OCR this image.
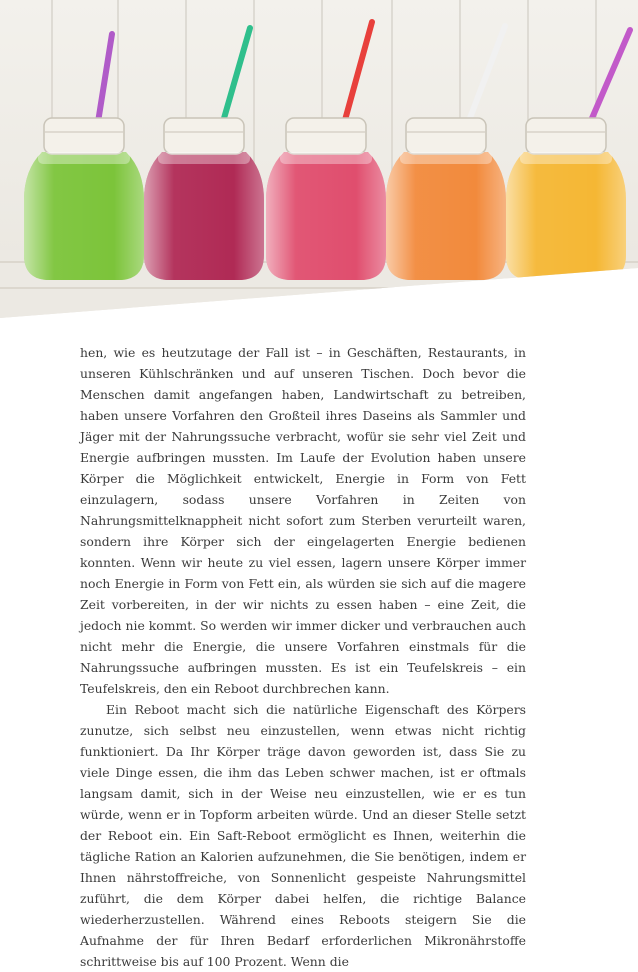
hen, wie es heutzutage der Fall ist – in Geschäften, Restaurants, in unseren Kühlschränken und auf unseren Tischen. Doch bevor die Menschen damit angefangen haben, Landwirtschaft zu betreiben, haben unsere Vorfahren den Großteil ihres Daseins als Sammler und Jäger mit der Nahrungssuche verbracht, wofür sie sehr viel Zeit und Energie aufbringen mussten. Im Laufe der Evolution haben unsere Körper die Möglichkeit entwickelt, Energie in Form von Fett einzulagern, sodass unsere Vorfahren in Zeiten von Nahrungsmittelknappheit nicht sofort zum Sterben verurteilt waren, sondern ihre Körper sich der eingelagerten Energie bedienen konnten. Wenn wir heute zu viel essen, lagern unsere Körper immer noch Energie in Form von Fett ein, als würden sie sich auf die magere Zeit vorbereiten, in der wir nichts zu essen haben – eine Zeit, die jedoch nie kommt. So werden wir immer dicker und verbrauchen auch nicht mehr die Energie, die unsere Vorfahren einstmals für die Nahrungssuche aufbringen mussten. Es ist ein Teufelskreis – ein Teufelskreis, den ein Reboot durchbrechen kann.

Ein Reboot macht sich die natürliche Eigenschaft des Körpers zunutze, sich selbst neu einzustellen, wenn etwas nicht richtig funktioniert. Da Ihr Körper träge davon geworden ist, dass Sie zu viele Dinge essen, die ihm das Leben schwer machen, ist er oftmals langsam damit, sich in der Weise neu einzustellen, wie er es tun würde, wenn er in Topform arbeiten würde. Und an dieser Stelle setzt der Reboot ein. Ein Saft-Reboot ermöglicht es Ihnen, weiterhin die tägliche Ration an Kalorien aufzunehmen, die Sie benötigen, indem er Ihnen nährstoffreiche, von Sonnenlicht gespeiste Nahrungsmittel zuführt, die dem Körper dabei helfen, die richtige Balance wiederherzustellen. Während eines Reboots steigern Sie die Aufnahme der für Ihren Bedarf erforderlichen Mikronährstoffe schrittweise bis auf 100 Prozent. Wenn die
